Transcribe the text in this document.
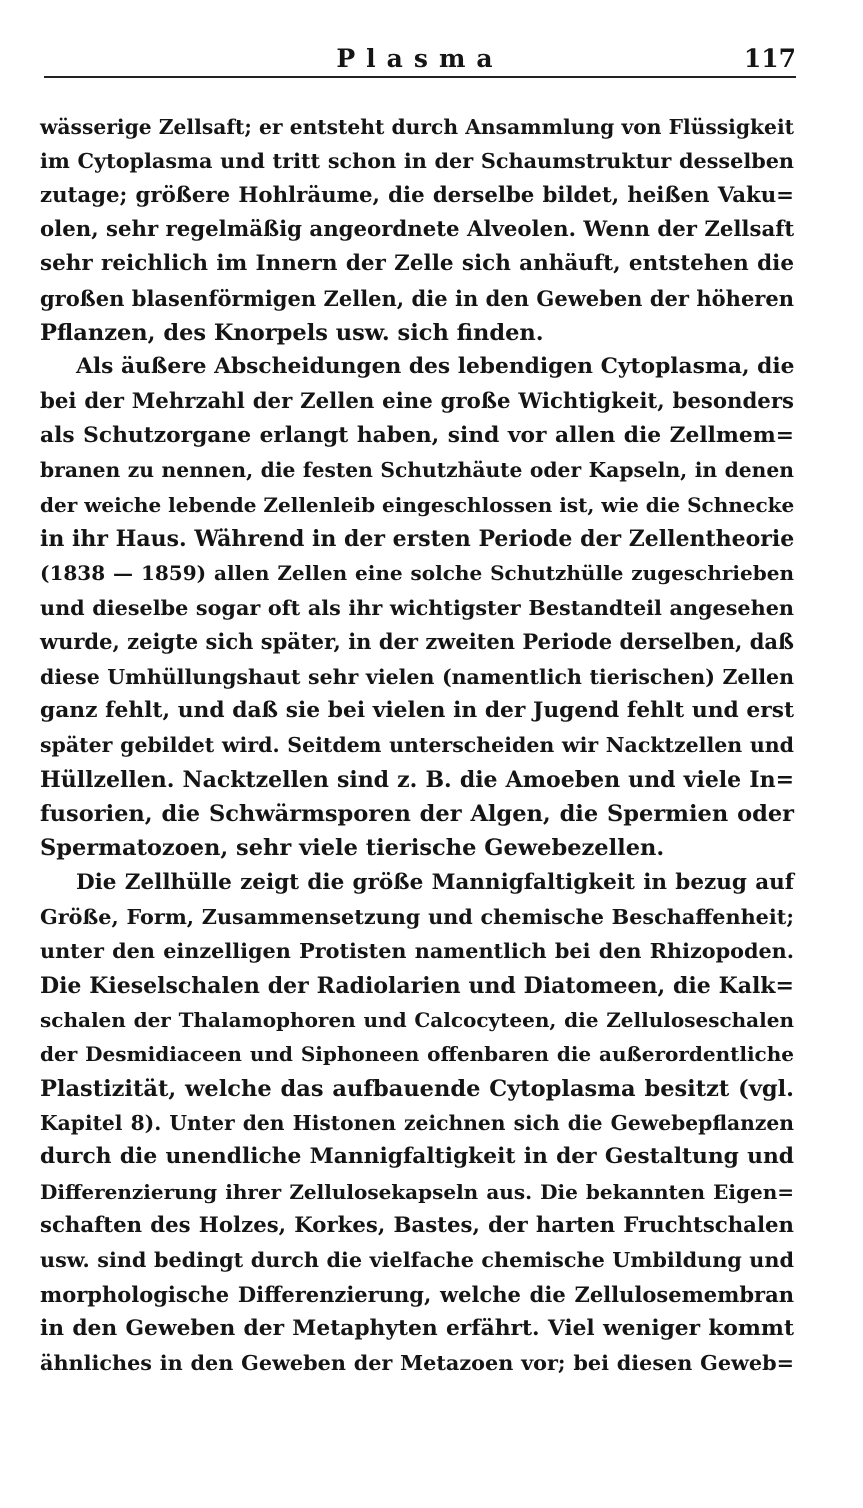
Plasma	117
wässerige Zellsaft; er entsteht durch Ansammlung von Flüssigkeit
im Cytoplasma und tritt schon in der Schaumstruktur desselben
zutage; größere Hohlräume, die derselbe bildet, heißen Vaku=
olen, sehr regelmäßig angeordnete Alveolen. Wenn der Zellsaft
sehr reichlich im Innern der Zelle sich anhäuft, entstehen die
großen blasenförmigen Zellen, die in den Geweben der höheren
Pflanzen, des Knorpels usw. sich finden.
Als äußere Abscheidungen des lebendigen Cytoplasma, die
bei der Mehrzahl der Zellen eine große Wichtigkeit, besonders
als Schutzorgane erlangt haben, sind vor allen die Zellmem=
branen zu nennen, die festen Schutzhäute oder Kapseln, in denen
der weiche lebende Zellenleib eingeschlossen ist, wie die Schnecke
in ihr Haus. Während in der ersten Periode der Zellentheorie
(1838 — 1859) allen Zellen eine solche Schutzhülle zugeschrieben
und dieselbe sogar oft als ihr wichtigster Bestandteil angesehen
wurde, zeigte sich später, in der zweiten Periode derselben, daß
diese Umhüllungshaut sehr vielen (namentlich tierischen) Zellen
ganz fehlt, und daß sie bei vielen in der Jugend fehlt und erst
später gebildet wird. Seitdem unterscheiden wir Nacktzellen und
Hüllzellen. Nacktzellen sind z. B. die Amoeben und viele In=
fusorien, die Schwärmsporen der Algen, die Spermien oder
Spermatozoen, sehr viele tierische Gewebezellen.
Die Zellhülle zeigt die größe Mannigfaltigkeit in bezug auf
Größe, Form, Zusammensetzung und chemische Beschaffenheit;
unter den einzelligen Protisten namentlich bei den Rhizopoden.
Die Kieselschalen der Radiolarien und Diatomeen, die Kalk=
schalen der Thalamophoren und Calcocyteen, die Zelluloseschalen
der Desmidiaceen und Siphoneen offenbaren die außerordentliche
Plastizität, welche das aufbauende Cytoplasma besitzt (vgl.
Kapitel 8). Unter den Histonen zeichnen sich die Gewebepflanzen
durch die unendliche Mannigfaltigkeit in der Gestaltung und
Differenzierung ihrer Zellulosekapseln aus. Die bekannten Eigen=
schaften des Holzes, Korkes, Bastes, der harten Fruchtschalen
usw. sind bedingt durch die vielfache chemische Umbildung und
morphologische Differenzierung, welche die Zellulosemembran
in den Geweben der Metaphyten erfährt. Viel weniger kommt
ähnliches in den Geweben der Metazoen vor; bei diesen Geweb=
